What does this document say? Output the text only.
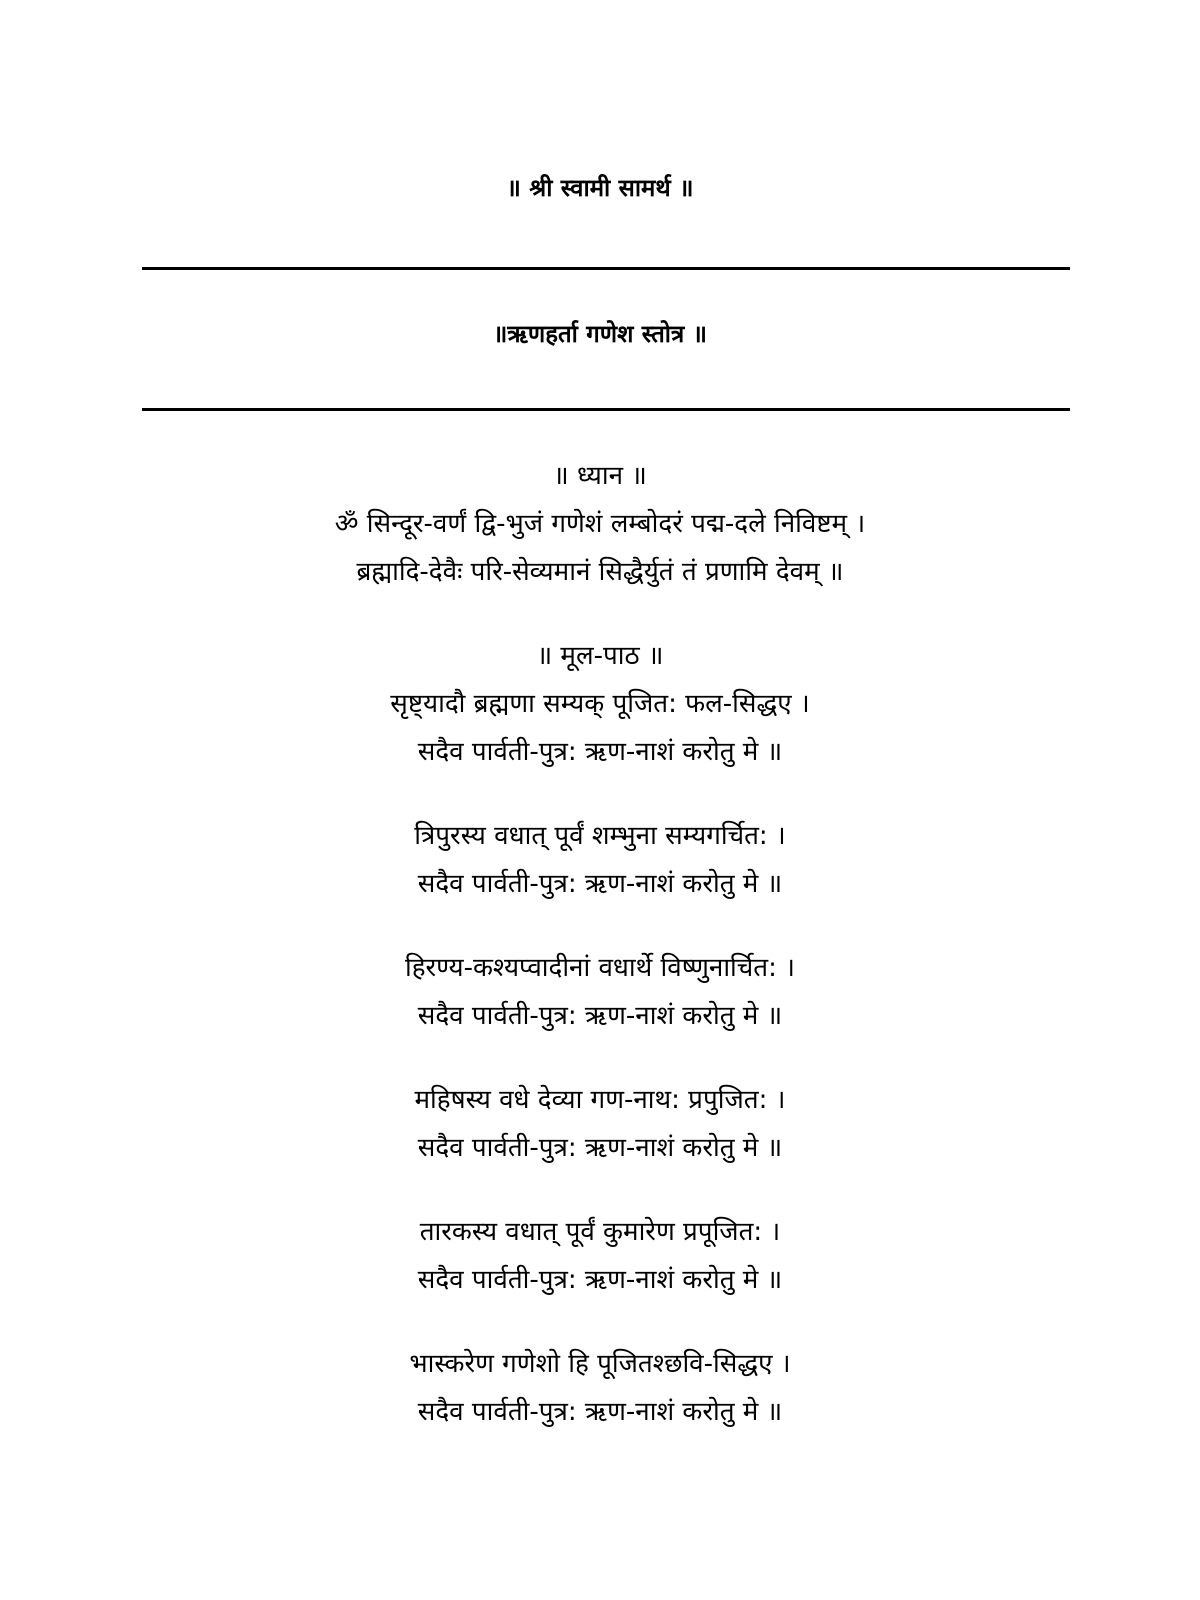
॥ श्री स्वामी सामर्थ ॥
॥ऋणहर्ता गणेश स्तोत्र ॥
॥ ध्यान ॥
ॐ सिन्दूर-वर्णं द्वि-भुजं गणेशं लम्बोदरं पद्म-दले निविष्टम् ।
ब्रह्मादि-देवैः परि-सेव्यमानं सिद्धैर्युतं तं प्रणामि देवम् ॥
॥ मूल-पाठ ॥
सृष्ट्यादौ ब्रह्मणा सम्यक् पूजित: फल-सिद्धए ।
सदैव पार्वती-पुत्र: ऋण-नाशं करोतु मे ॥
त्रिपुरस्य वधात् पूर्वं शम्भुना सम्यगर्चित: ।
सदैव पार्वती-पुत्र: ऋण-नाशं करोतु मे ॥
हिरण्य-कश्यप्वादीनां वधार्थे विष्णुनार्चित: ।
सदैव पार्वती-पुत्र: ऋण-नाशं करोतु मे ॥
महिषस्य वधे देव्या गण-नाथ: प्रपुजित: ।
सदैव पार्वती-पुत्र: ऋण-नाशं करोतु मे ॥
तारकस्य वधात् पूर्वं कुमारेण प्रपूजित: ।
सदैव पार्वती-पुत्र: ऋण-नाशं करोतु मे ॥
भास्करेण गणेशो हि पूजितश्छवि-सिद्धए ।
सदैव पार्वती-पुत्र: ऋण-नाशं करोतु मे ॥
